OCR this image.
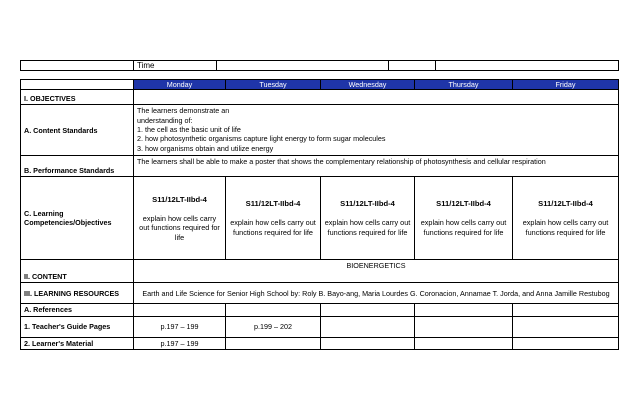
	Time			
	Monday	Tuesday	Wednesday	Thursday	Friday
I. OBJECTIVES					
A. Content Standards	The learners demonstrate an
understanding of:
1. the cell as the basic unit of life
2. how photosynthetic organisms capture light energy to form sugar molecules
3. how organisms obtain and utilize energy				

B. Performance Standards	The learners shall be able to make a poster that shows the complementary relationship of photosynthesis and cellular respiration				
C. Learning Competencies/Objectives	S11/12LT-IIbd-4
explain how cells carry out functions required for life	S11/12LT-IIbd-4
explain how cells carry out functions required for life	S11/12LT-IIbd-4
explain how cells carry out functions required for life	S11/12LT-IIbd-4
explain how cells carry out functions required for life	S11/12LT-IIbd-4
explain how cells carry out functions required for life

II. CONTENT	BIOENERGETICS				
III. LEARNING RESOURCES	Earth and Life Science for Senior High School by: Roly B. Bayo-ang, Maria Lourdes G. Coronacion, Annamae T. Jorda, and Anna Jamille Restubog				
A. References					
1. Teacher's Guide Pages	p.197 – 199	p.199 – 202			
2. Learner's Material	p.197 – 199				
